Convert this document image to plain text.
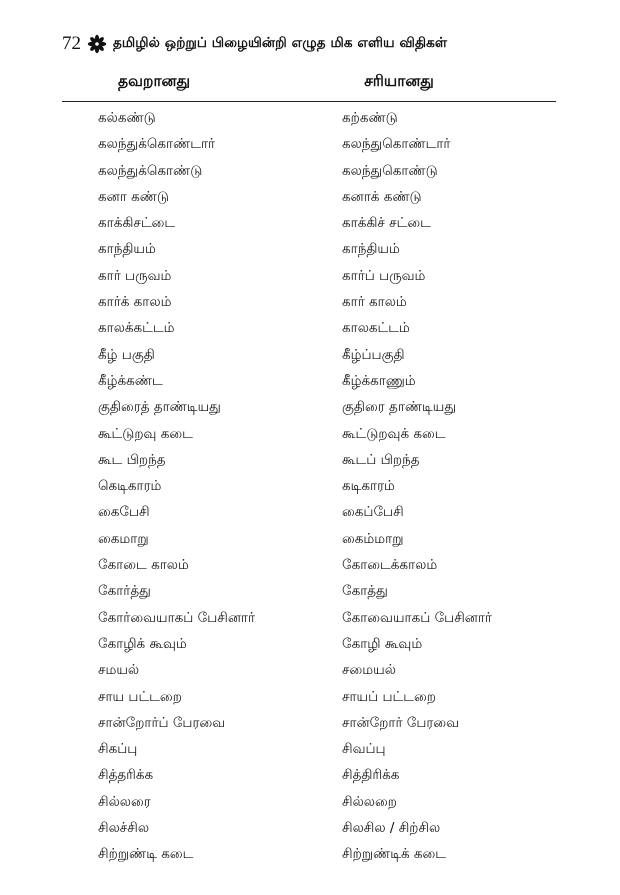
72 தமிழில் ஒற்றுப் பிழையின்றி எழுத மிக எளிய விதிகள்
தவறானது	சரியானது
கல்கண்டு	கற்கண்டு
கலந்துக்கொண்டார்	கலந்துகொண்டார்
கலந்துக்கொண்டு	கலந்துகொண்டு
கனா கண்டு	கனாக் கண்டு
காக்கிசட்டை	காக்கிச் சட்டை
காந்தியம்	காந்தியம்
கார் பருவம்	கார்ப் பருவம்
கார்க் காலம்	கார் காலம்
காலக்கட்டம்	காலகட்டம்
கீழ் பகுதி	கீழ்ப்பகுதி
கீழ்க்கண்ட	கீழ்க்காணும்
குதிரைத் தாண்டியது	குதிரை தாண்டியது
கூட்டுறவு கடை	கூட்டுறவுக் கடை
கூட பிறந்த	கூடப் பிறந்த
கெடிகாரம்	கடிகாரம்
கைபேசி	கைப்பேசி
கைமாறு	கைம்மாறு
கோடை காலம்	கோடைக்காலம்
கோர்த்து	கோத்து
கோர்வையாகப் பேசினார்	கோவையாகப் பேசினார்
கோழிக் கூவும்	கோழி கூவும்
சமயல்	சமையல்
சாய பட்டறை	சாயப் பட்டறை
சான்றோர்ப் பேரவை	சான்றோர் பேரவை
சிகப்பு	சிவப்பு
சித்தரிக்க	சித்திரிக்க
சில்லரை	சில்லறை
சிலச்சில	சிலசில / சிற்சில
சிற்றுண்டி கடை	சிற்றுண்டிக் கடை
